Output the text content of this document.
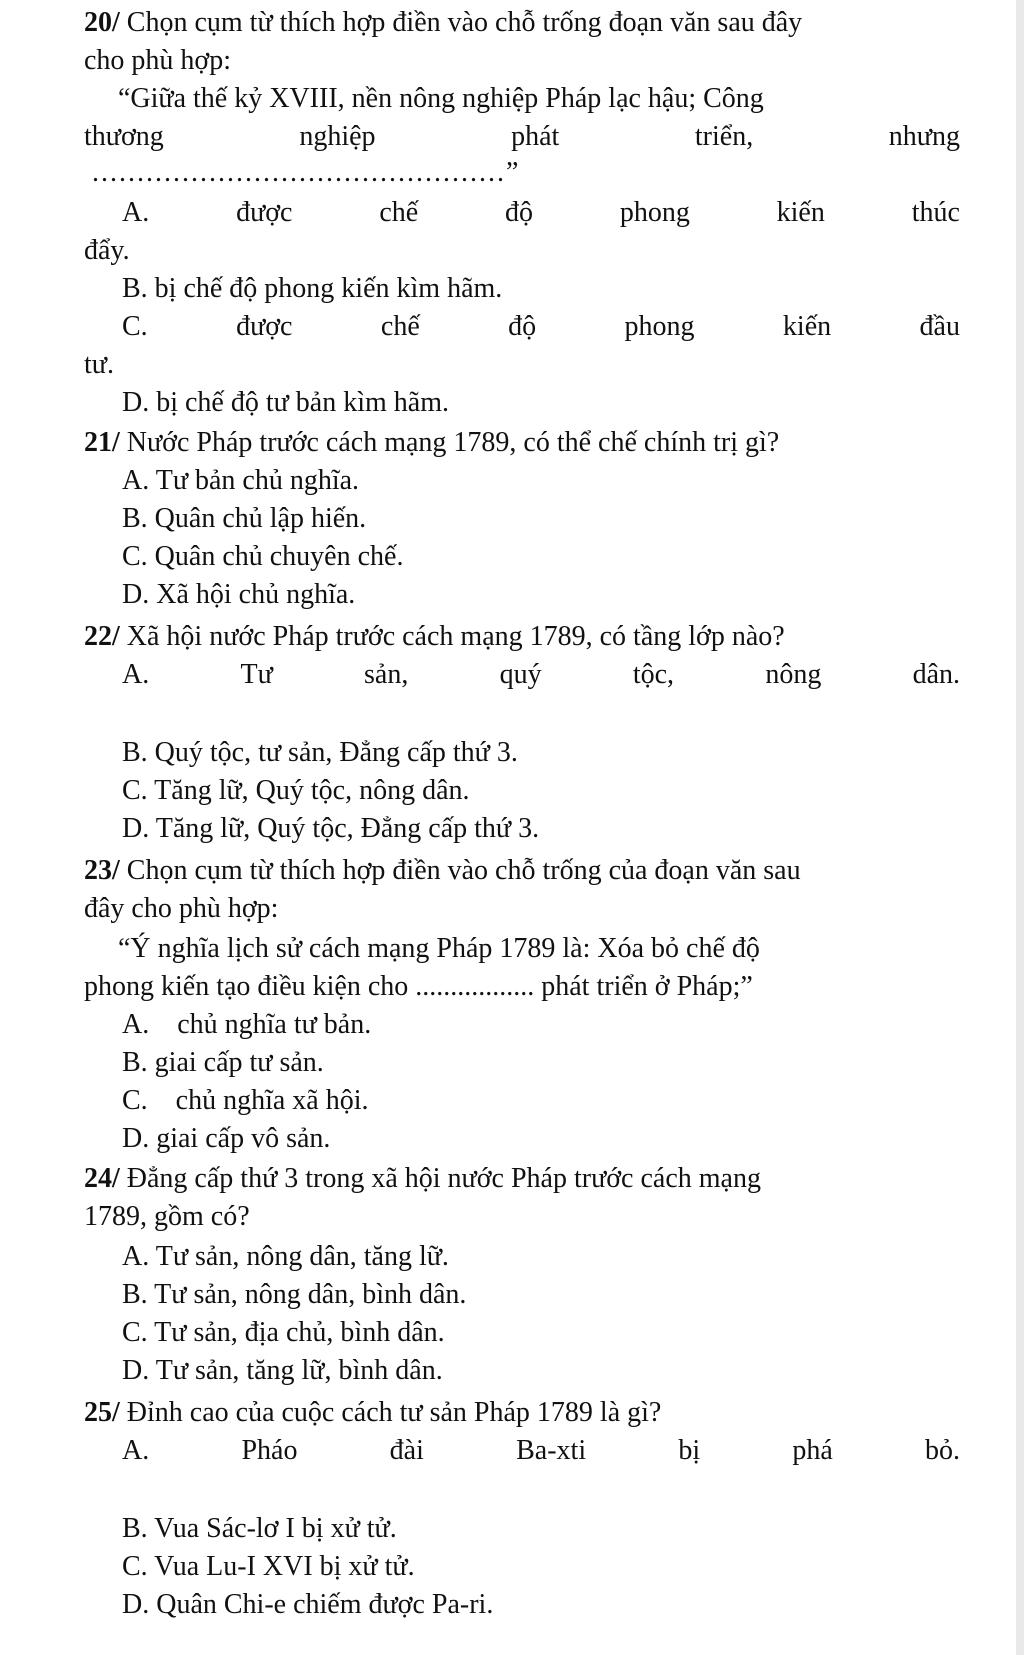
20/ Chọn cụm từ thích hợp điền vào chỗ trống đoạn văn sau đây
cho phù hợp:
“Giữa thế kỷ XVIII, nền nông nghiệp Pháp lạc hậu; Công
thương	nghiệp	phát	triển,	nhưng
..............................................”
A.	được	chế	độ	phong	kiến	thúc
đẩy.
B. bị chế độ phong kiến kìm hãm.
C.	được	chế	độ	phong	kiến	đầu
tư.
D. bị chế độ tư bản kìm hãm.
21/ Nước Pháp trước cách mạng 1789, có thể chế chính trị gì?
A. Tư bản chủ nghĩa.
B. Quân chủ lập hiến.
C. Quân chủ chuyên chế.
D. Xã hội chủ nghĩa.
22/ Xã hội nước Pháp trước cách mạng 1789, có tầng lớp nào?
A.	Tư	sản,	quý	tộc,	nông	dân.
B. Quý tộc, tư sản, Đẳng cấp thứ 3.
C. Tăng lữ, Quý tộc, nông dân.
D. Tăng lữ, Quý tộc, Đẳng cấp thứ 3.
23/ Chọn cụm từ thích hợp điền vào chỗ trống của đoạn văn sau
đây cho phù hợp:
“Ý nghĩa lịch sử cách mạng Pháp 1789 là: Xóa bỏ chế độ
phong kiến tạo điều kiện cho ................. phát triển ở Pháp;”
A.    chủ nghĩa tư bản.
B. giai cấp tư sản.
C.    chủ nghĩa xã hội.
D. giai cấp vô sản.
24/ Đẳng cấp thứ 3 trong xã hội nước Pháp trước cách mạng
1789, gồm có?
A. Tư sản, nông dân, tăng lữ.
B. Tư sản, nông dân, bình dân.
C. Tư sản, địa chủ, bình dân.
D. Tư sản, tăng lữ, bình dân.
25/ Đỉnh cao của cuộc cách tư sản Pháp 1789 là gì?
A.	Pháo	đài	Ba-xti	bị	phá	bỏ.
B. Vua Sác-lơ I bị xử tử.
C. Vua Lu-I XVI bị xử tử.
D. Quân Chi-e chiếm được Pa-ri.
